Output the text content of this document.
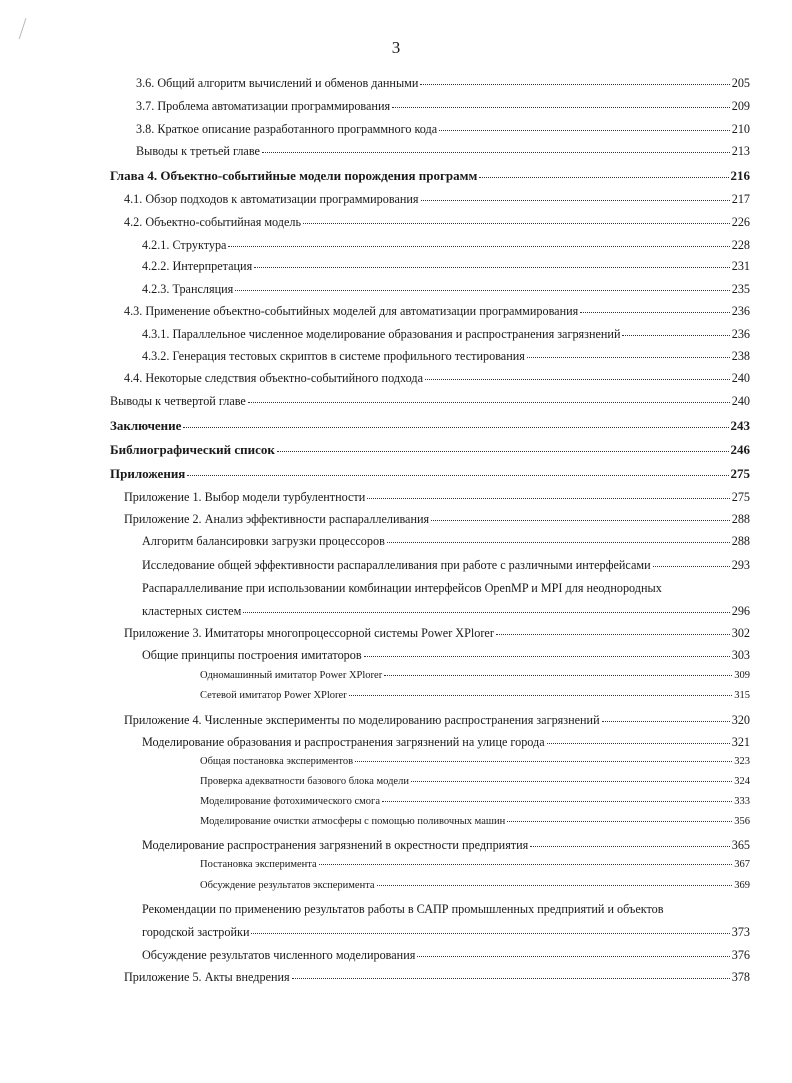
3
3.6. Общий алгоритм вычислений и обменов данными	205
3.7. Проблема автоматизации программирования	209
3.8. Краткое описание разработанного программного кода	210
Выводы к третьей главе	213
Глава 4. Объектно-событийные модели порождения программ	216
4.1. Обзор подходов к автоматизации программирования	217
4.2. Объектно-событийная модель	226
4.2.1. Структура	228
4.2.2. Интерпретация	231
4.2.3. Трансляция	235
4.3. Применение объектно-событийных моделей для автоматизации программирования	236
4.3.1. Параллельное численное моделирование образования и распространения загрязнений	236
4.3.2. Генерация тестовых скриптов в системе профильного тестирования	238
4.4. Некоторые следствия объектно-событийного подхода	240
Выводы к четвертой главе	240
Заключение	243
Библиографический список	246
Приложения	275
Приложение 1. Выбор модели турбулентности	275
Приложение 2. Анализ эффективности распараллеливания	288
Алгоритм балансировки загрузки процессоров	288
Исследование общей эффективности распараллеливания при работе с различными интерфейсами	293
Распараллеливание при использовании комбинации интерфейсов OpenMP и MPI для неоднородных
кластерных систем	296
Приложение 3. Имитаторы многопроцессорной системы Power XPlorer	302
Общие принципы построения имитаторов	303
Одномашинный имитатор Power XPlorer	309
Сетевой имитатор Power XPlorer	315
Приложение 4. Численные эксперименты по моделированию распространения загрязнений	320
Моделирование образования и распространения загрязнений на улице города	321
Общая постановка экспериментов	323
Проверка адекватности базового блока модели	324
Моделирование фотохимического смога	333
Моделирование очистки атмосферы с помощью поливочных машин	356
Моделирование распространения загрязнений в окрестности предприятия	365
Постановка эксперимента	367
Обсуждение результатов эксперимента	369
Рекомендации по применению результатов работы в САПР промышленных предприятий и объектов
городской застройки	373
Обсуждение результатов численного моделирования	376
Приложение 5. Акты внедрения	378
